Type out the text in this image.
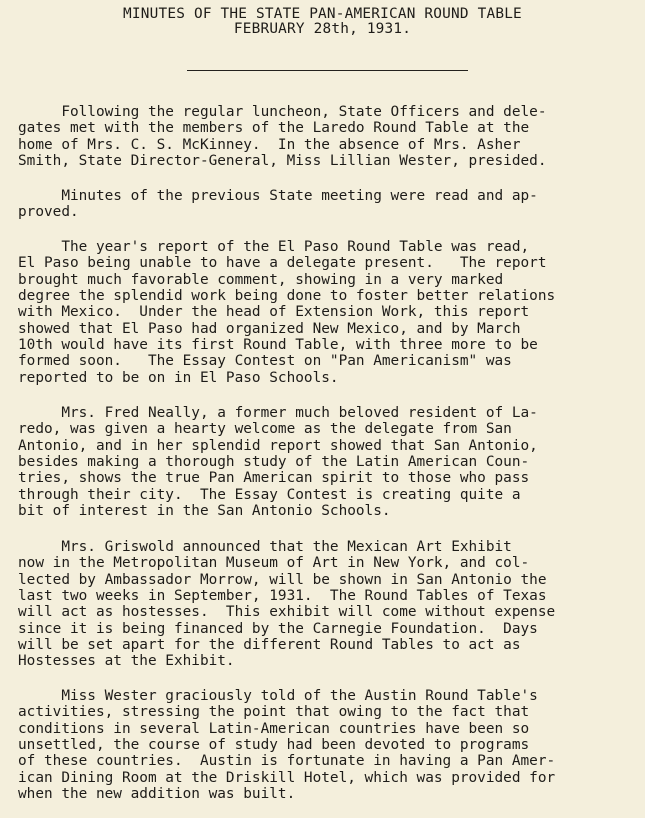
MINUTES OF THE STATE PAN-AMERICAN ROUND TABLE
FEBRUARY 28th, 1931.
Following the regular luncheon, State Officers and dele-
gates met with the members of the Laredo Round Table at the
home of Mrs. C. S. McKinney.  In the absence of Mrs. Asher
Smith, State Director-General, Miss Lillian Wester, presided.
Minutes of the previous State meeting were read and ap-
proved.
The year's report of the El Paso Round Table was read,
El Paso being unable to have a delegate present.   The report
brought much favorable comment, showing in a very marked
degree the splendid work being done to foster better relations
with Mexico.  Under the head of Extension Work, this report
showed that El Paso had organized New Mexico, and by March
10th would have its first Round Table, with three more to be
formed soon.   The Essay Contest on "Pan Americanism" was
reported to be on in El Paso Schools.
Mrs. Fred Neally, a former much beloved resident of La-
redo, was given a hearty welcome as the delegate from San
Antonio, and in her splendid report showed that San Antonio,
besides making a thorough study of the Latin American Coun-
tries, shows the true Pan American spirit to those who pass
through their city.  The Essay Contest is creating quite a
bit of interest in the San Antonio Schools.
Mrs. Griswold announced that the Mexican Art Exhibit
now in the Metropolitan Museum of Art in New York, and col-
lected by Ambassador Morrow, will be shown in San Antonio the
last two weeks in September, 1931.  The Round Tables of Texas
will act as hostesses.  This exhibit will come without expense
since it is being financed by the Carnegie Foundation.  Days
will be set apart for the different Round Tables to act as
Hostesses at the Exhibit.
Miss Wester graciously told of the Austin Round Table's
activities, stressing the point that owing to the fact that
conditions in several Latin-American countries have been so
unsettled, the course of study had been devoted to programs
of these countries.  Austin is fortunate in having a Pan Amer-
ican Dining Room at the Driskill Hotel, which was provided for
when the new addition was built.
